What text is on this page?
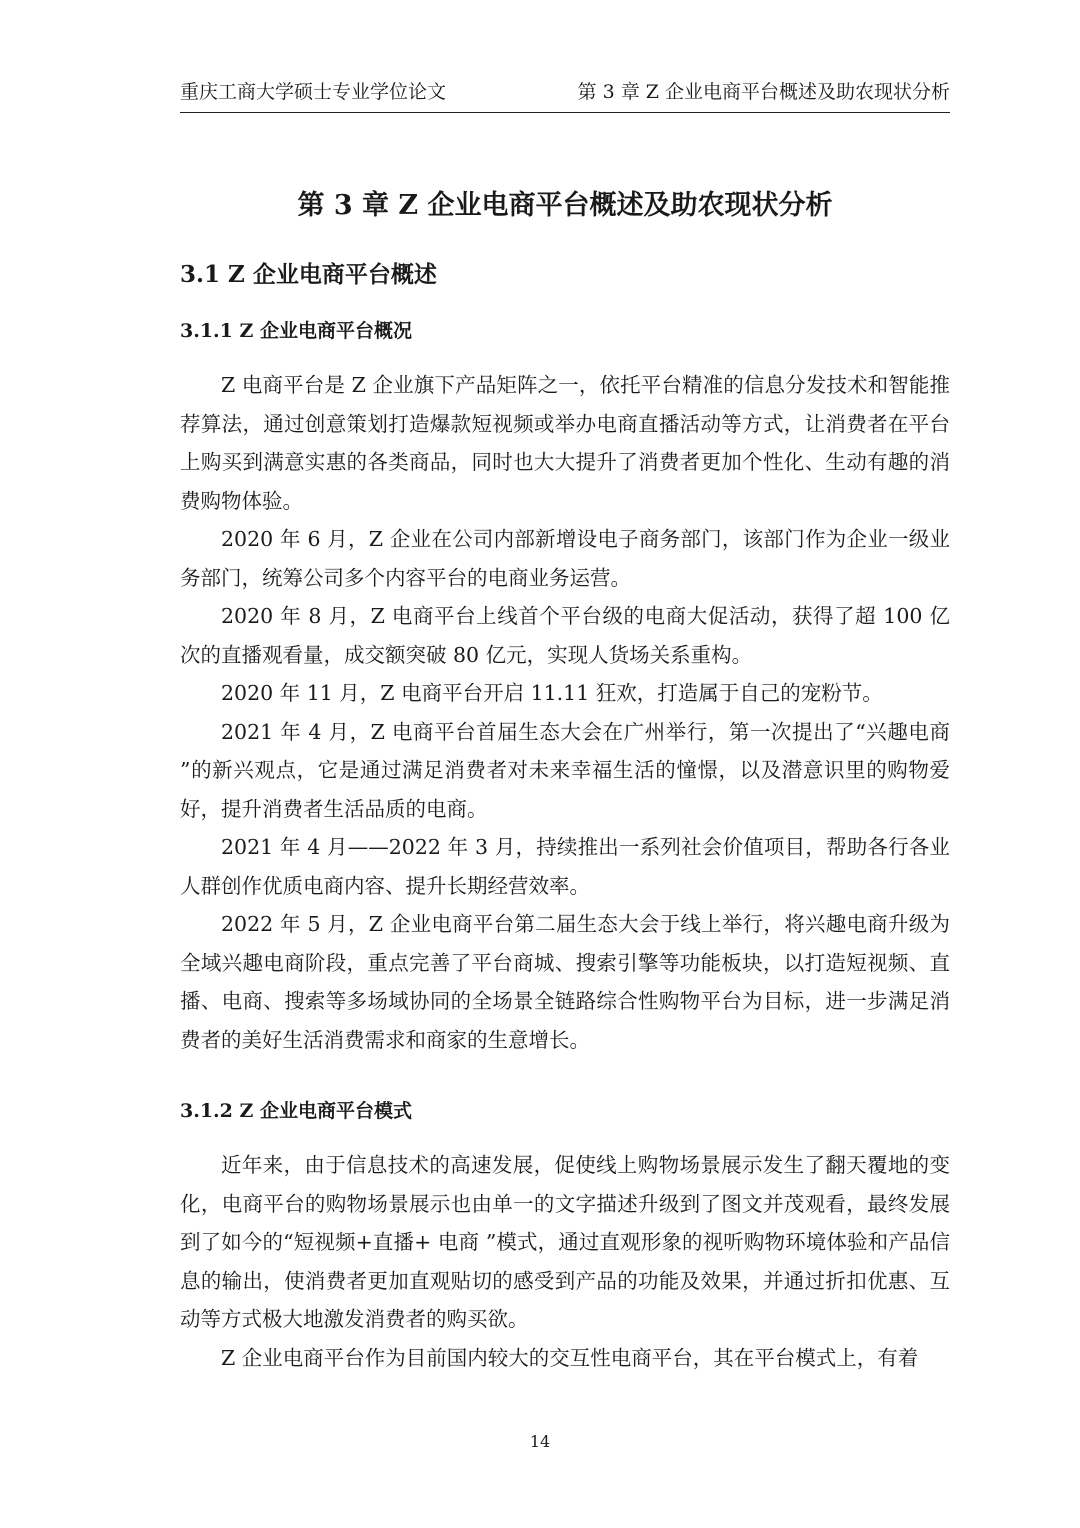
重庆工商大学硕士专业学位论文	第 3 章 Z 企业电商平台概述及助农现状分析
第 3 章 Z 企业电商平台概述及助农现状分析
3.1 Z 企业电商平台概述
3.1.1 Z 企业电商平台概况

Z 电商平台是 Z 企业旗下产品矩阵之一，依托平台精准的信息分发技术和智能推荐算法，通过创意策划打造爆款短视频或举办电商直播活动等方式，让消费者在平台上购买到满意实惠的各类商品，同时也大大提升了消费者更加个性化、生动有趣的消费购物体验。

2020 年 6 月，Z 企业在公司内部新增设电子商务部门，该部门作为企业一级业务部门，统筹公司多个内容平台的电商业务运营。

2020 年 8 月，Z 电商平台上线首个平台级的电商大促活动，获得了超 100 亿次的直播观看量，成交额突破 80 亿元，实现人货场关系重构。

2020 年 11 月，Z 电商平台开启 11.11 狂欢，打造属于自己的宠粉节。

2021 年 4 月，Z 电商平台首届生态大会在广州举行，第一次提出了“兴趣电商 ”的新兴观点，它是通过满足消费者对未来幸福生活的憧憬，以及潜意识里的购物爱好，提升消费者生活品质的电商。

2021 年 4 月——2022 年 3 月，持续推出一系列社会价值项目，帮助各行各业人群创作优质电商内容、提升长期经营效率。

2022 年 5 月，Z 企业电商平台第二届生态大会于线上举行，将兴趣电商升级为全域兴趣电商阶段，重点完善了平台商城、搜索引擎等功能板块，以打造短视频、直播、电商、搜索等多场域协同的全场景全链路综合性购物平台为目标，进一步满足消费者的美好生活消费需求和商家的生意增长。

3.1.2 Z 企业电商平台模式

近年来，由于信息技术的高速发展，促使线上购物场景展示发生了翻天覆地的变化，电商平台的购物场景展示也由单一的文字描述升级到了图文并茂观看，最终发展到了如今的“短视频+直播+ 电商 ”模式，通过直观形象的视听购物环境体验和产品信息的输出，使消费者更加直观贴切的感受到产品的功能及效果，并通过折扣优惠、互动等方式极大地激发消费者的购买欲。

Z 企业电商平台作为目前国内较大的交互性电商平台，其在平台模式上，有着

14
